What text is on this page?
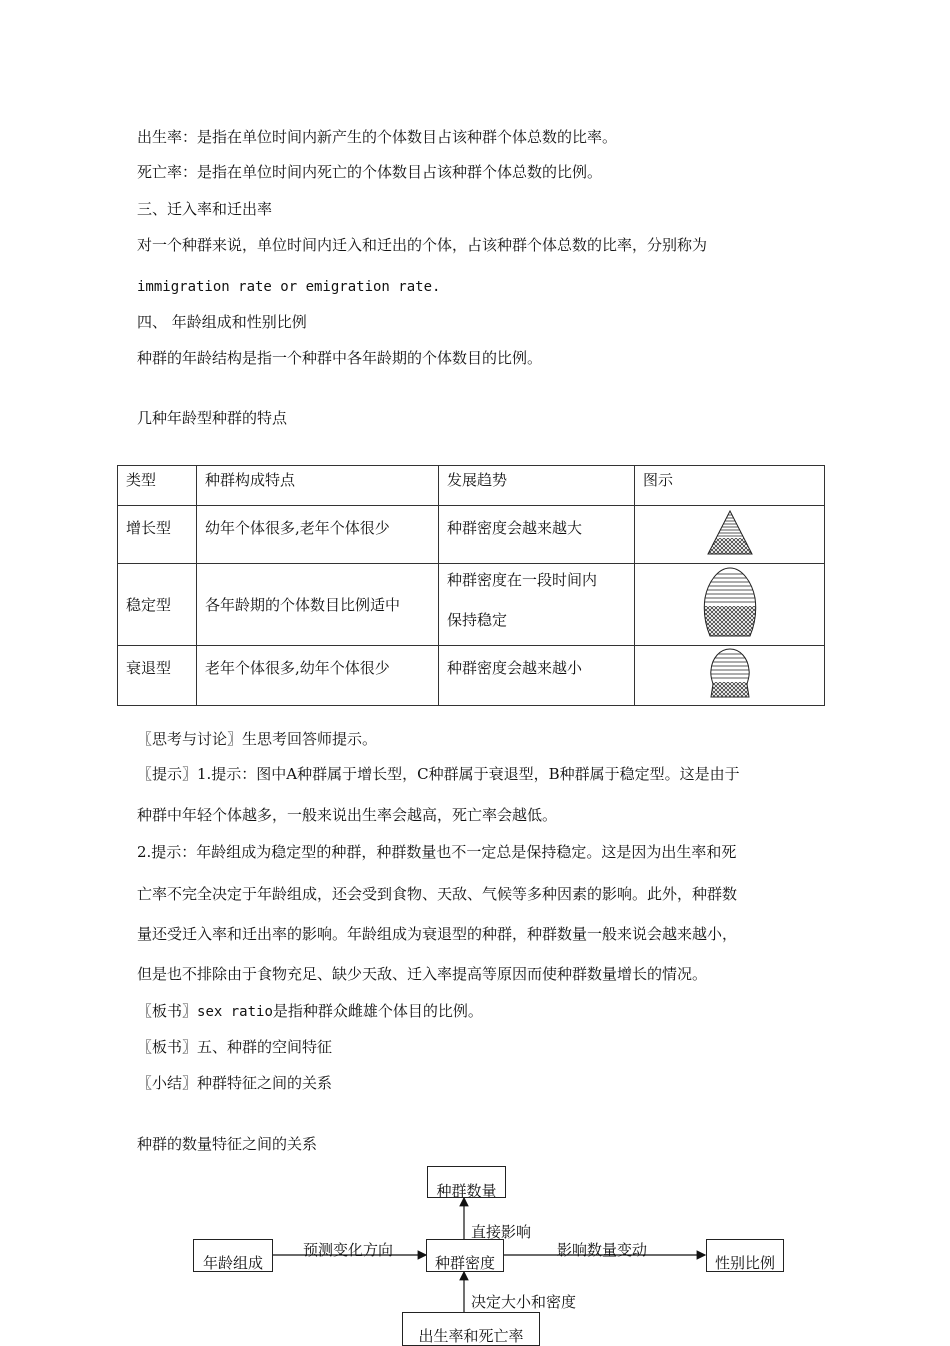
出生率：是指在单位时间内新产生的个体数目占该种群个体总数的比率。
死亡率：是指在单位时间内死亡的个体数目占该种群个体总数的比例。
三、迁入率和迁出率
对一个种群来说，单位时间内迁入和迁出的个体，占该种群个体总数的比率，分别称为
immigration rate or emigration rate.
四、 年龄组成和性别比例
种群的年龄结构是指一个种群中各年龄期的个体数目的比例。
几种年龄型种群的特点
类型	种群构成特点	发展趋势	图示
增长型	幼年个体很多,老年个体很少	种群密度会越来越大	
稳定型	各年龄期的个体数目比例适中	种群密度在一段时间内
保持稳定

衰退型	老年个体很多,幼年个体很少	种群密度会越来越小	
〖思考与讨论〗生思考回答师提示。
〖提示〗1.提示：图中A种群属于增长型，C种群属于衰退型，B种群属于稳定型。这是由于
种群中年轻个体越多，一般来说出生率会越高，死亡率会越低。
2.提示：年龄组成为稳定型的种群，种群数量也不一定总是保持稳定。这是因为出生率和死
亡率不完全决定于年龄组成，还会受到食物、天敌、气候等多种因素的影响。此外，种群数
量还受迁入率和迁出率的影响。年龄组成为衰退型的种群，种群数量一般来说会越来越小，
但是也不排除由于食物充足、缺少天敌、迁入率提高等原因而使种群数量增长的情况。
〖板书〗sex ratio是指种群众雌雄个体目的比例。
〖板书〗五、种群的空间特征
〖小结〗种群特征之间的关系
种群的数量特征之间的关系
种群数量
年龄组成	种群密度	性别比例
出生率和死亡率
预测变化方向
直接影响
影响数量变动
决定大小和密度
